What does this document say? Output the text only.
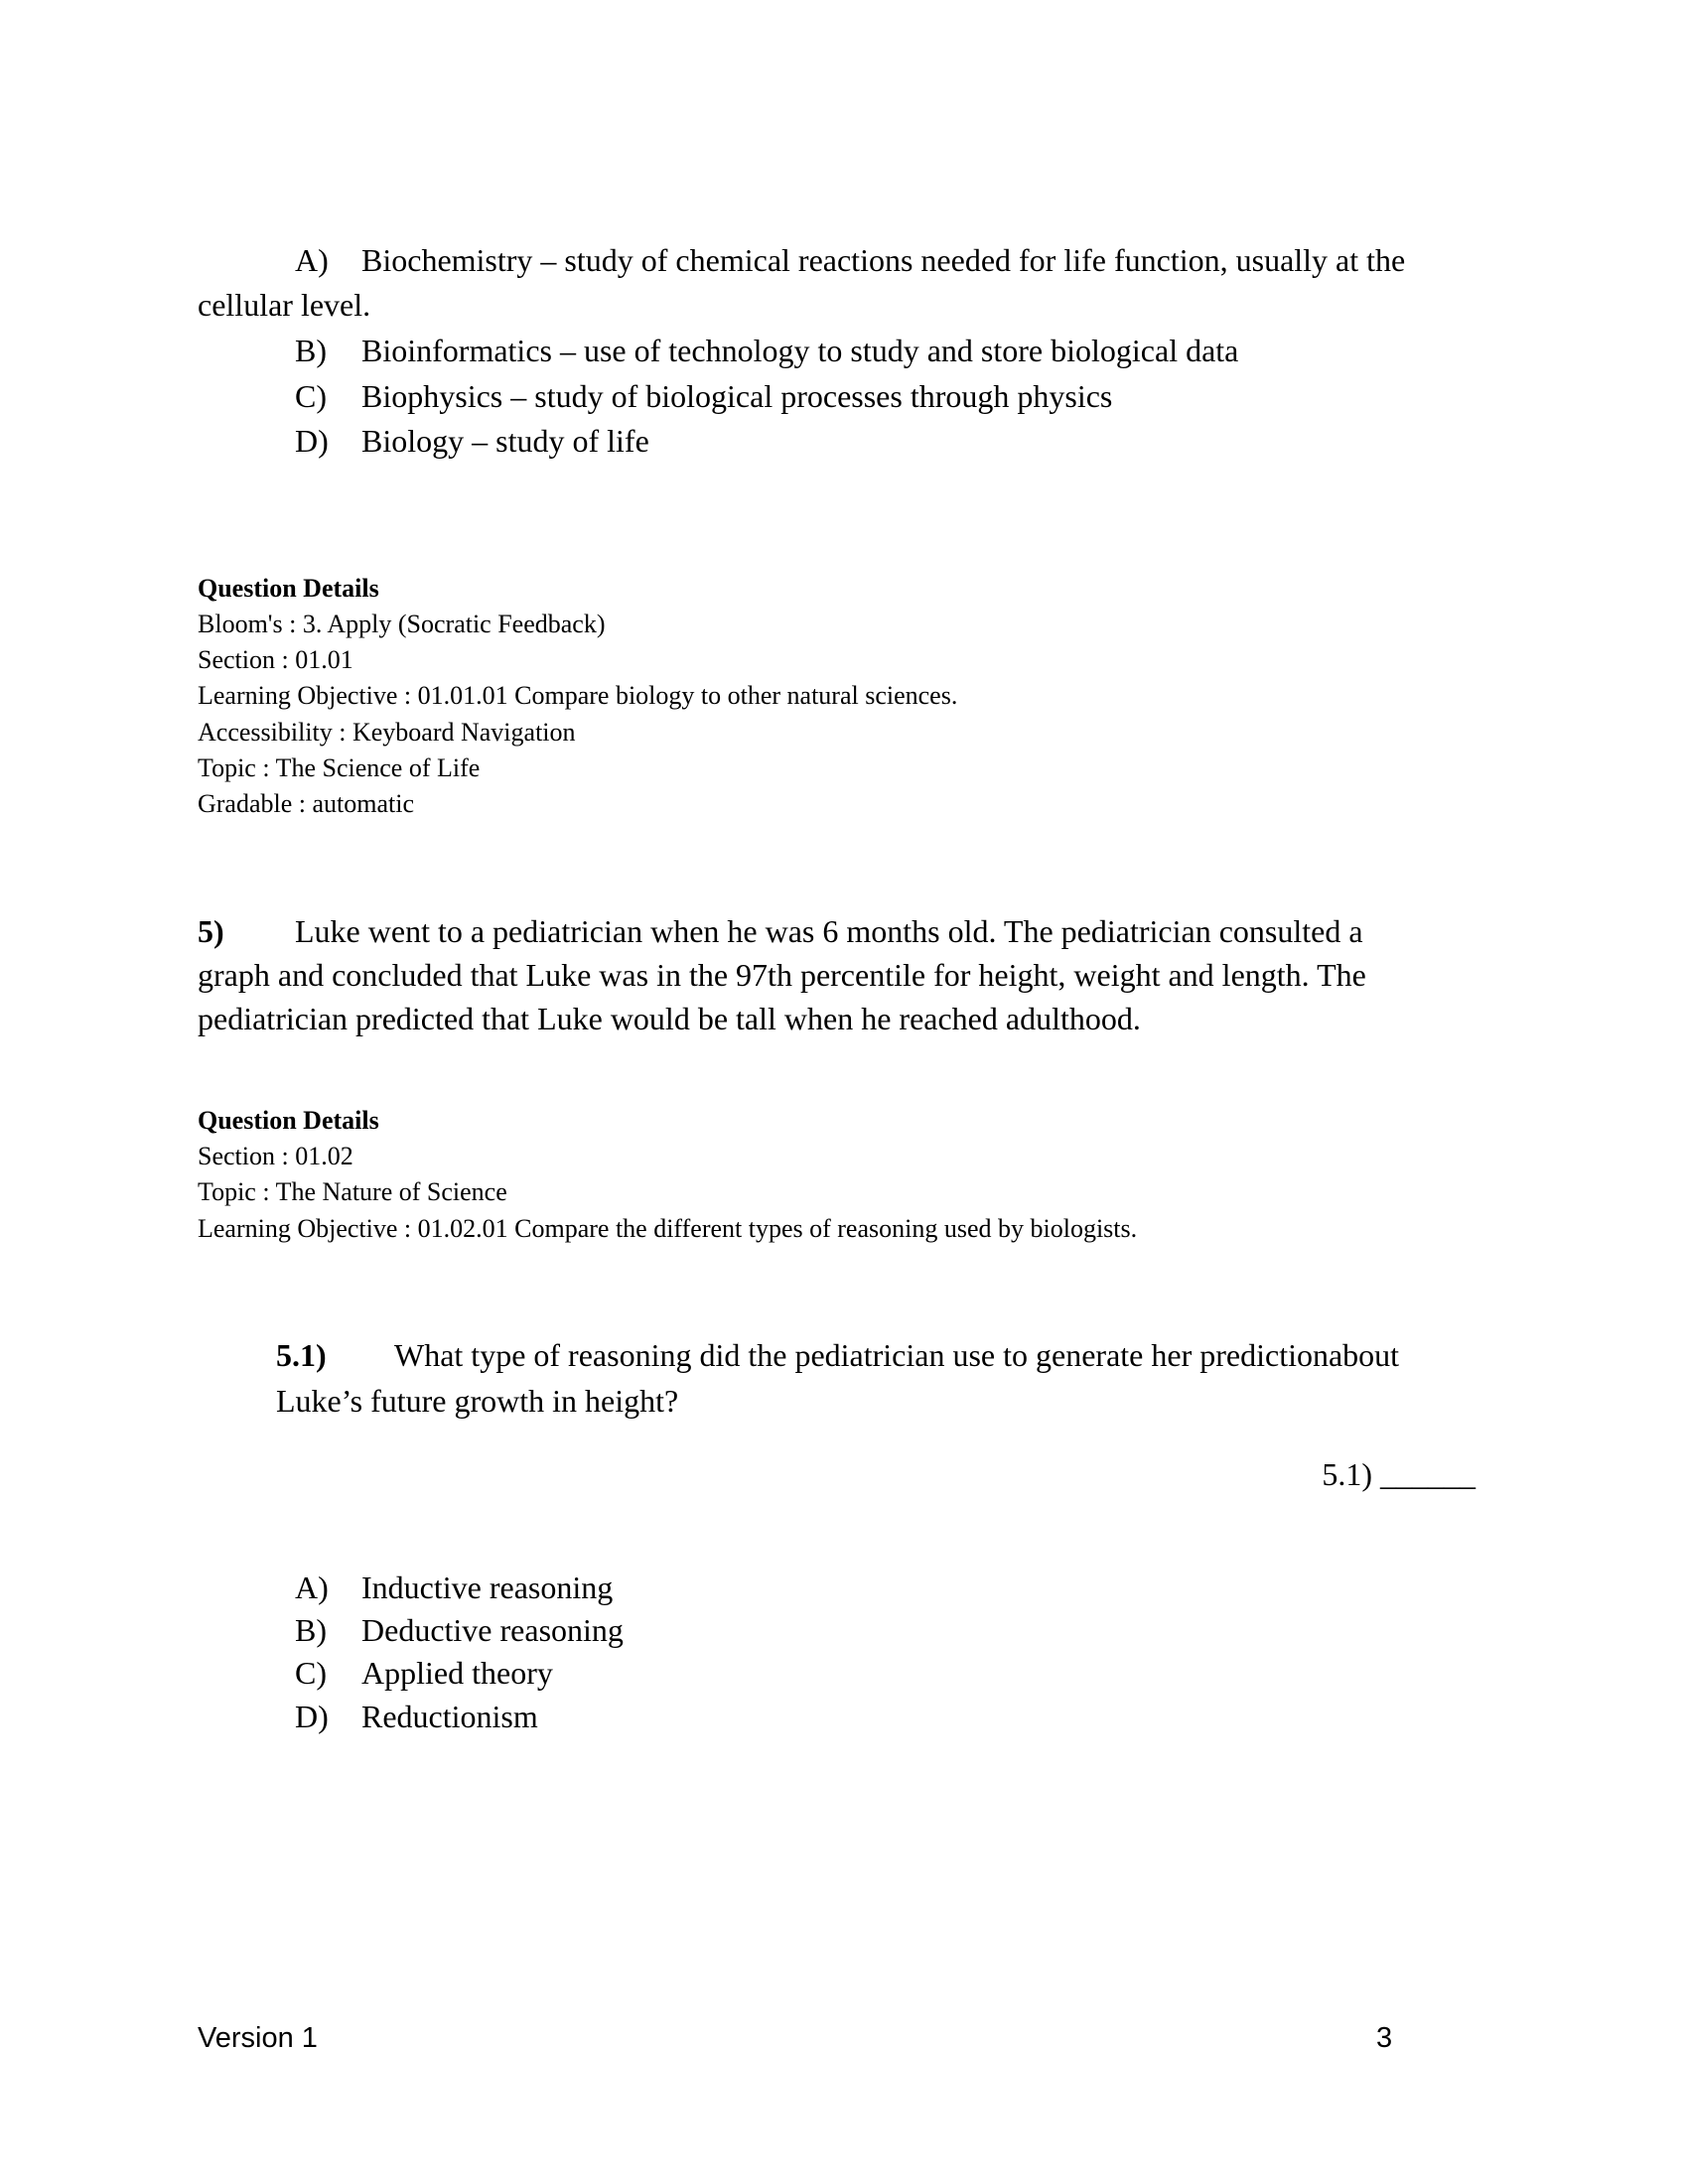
A) Biochemistry – study of chemical reactions needed for life function, usually at the
cellular level.
B) Bioinformatics – use of technology to study and store biological data
C) Biophysics – study of biological processes through physics
D) Biology – study of life
Question Details
Bloom's : 3. Apply (Socratic Feedback)
Section : 01.01
Learning Objective : 01.01.01 Compare biology to other natural sciences.
Accessibility : Keyboard Navigation
Topic : The Science of Life
Gradable : automatic
5) Luke went to a pediatrician when he was 6 months old. The pediatrician consulted a
graph and concluded that Luke was in the 97th percentile for height, weight and length. The
pediatrician predicted that Luke would be tall when he reached adulthood.
Question Details
Section : 01.02
Topic : The Nature of Science
Learning Objective : 01.02.01 Compare the different types of reasoning used by biologists.
5.1) What type of reasoning did the pediatrician use to generate her predictionabout
Luke’s future growth in height?
5.1) ______
A) Inductive reasoning
B) Deductive reasoning
C) Applied theory
D) Reductionism
Version 1	3
